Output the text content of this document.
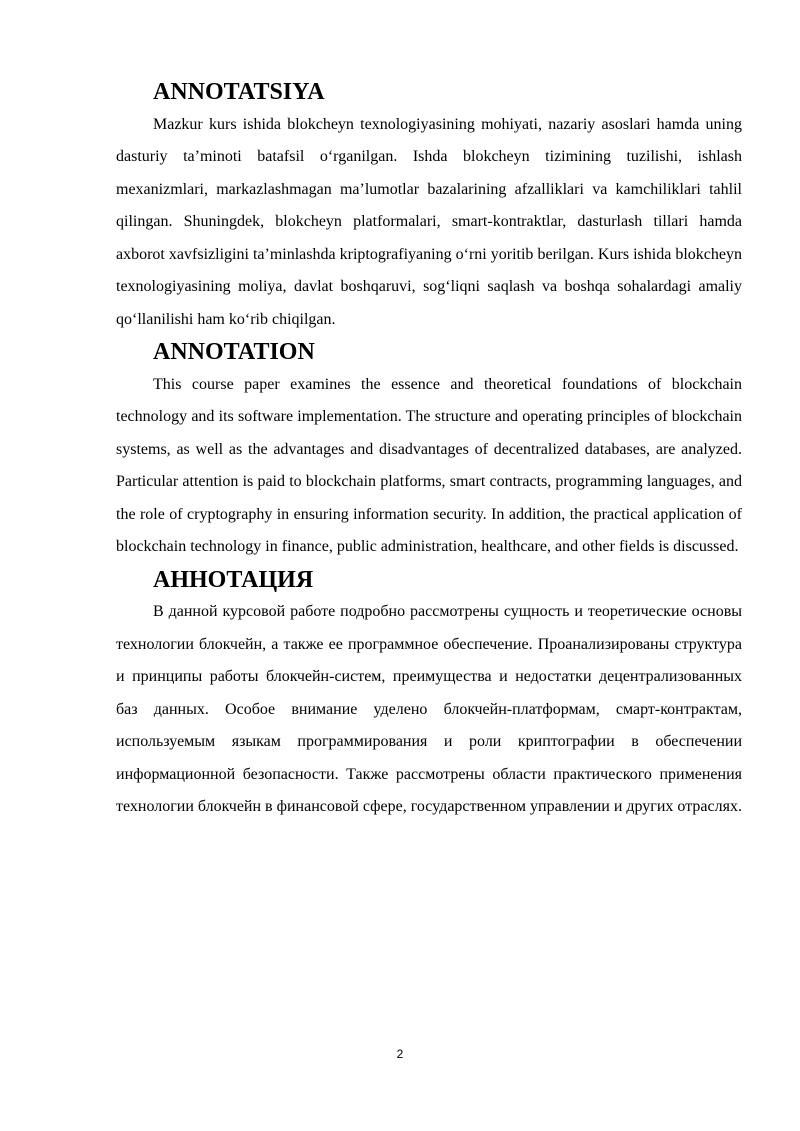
ANNOTATSIYA

Mazkur kurs ishida blokcheyn texnologiyasining mohiyati, nazariy asoslari hamda uning dasturiy ta’minoti batafsil o‘rganilgan. Ishda blokcheyn tizimining tuzilishi, ishlash mexanizmlari, markazlashmagan ma’lumotlar bazalarining afzalliklari va kamchiliklari tahlil qilingan. Shuningdek, blokcheyn platformalari, smart-kontraktlar, dasturlash tillari hamda axborot xavfsizligini ta’minlashda kriptografiyaning o‘rni yoritib berilgan. Kurs ishida blokcheyn texnologiyasining moliya, davlat boshqaruvi, sog‘liqni saqlash va boshqa sohalardagi amaliy qo‘llanilishi ham ko‘rib chiqilgan.

ANNOTATION

This course paper examines the essence and theoretical foundations of blockchain technology and its software implementation. The structure and operating principles of blockchain systems, as well as the advantages and disadvantages of decentralized databases, are analyzed. Particular attention is paid to blockchain platforms, smart contracts, programming languages, and the role of cryptography in ensuring information security. In addition, the practical application of blockchain technology in finance, public administration, healthcare, and other fields is discussed.

АННОТАЦИЯ

В данной курсовой работе подробно рассмотрены сущность и теоретические основы технологии блокчейн, а также ее программное обеспечение. Проанализированы структура и принципы работы блокчейн-систем, преимущества и недостатки децентрализованных баз данных. Особое внимание уделено блокчейн-платформам, смарт-контрактам, используемым языкам программирования и роли криптографии в обеспечении информационной безопасности. Также рассмотрены области практического применения технологии блокчейн в финансовой сфере, государственном управлении и других отраслях.

2
